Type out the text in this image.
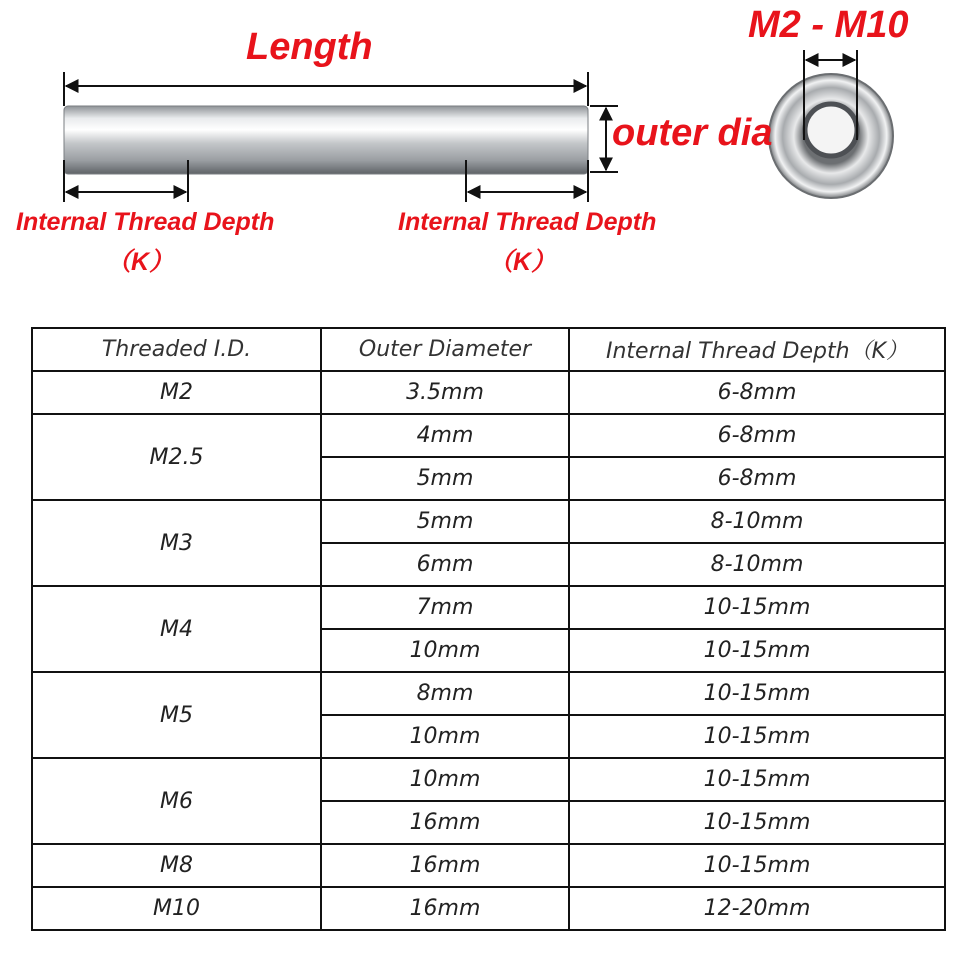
Length
outer dia
M2 - M10
Internal Thread Depth
（K）
Internal Thread Depth
（K）
Threaded I.D.	Outer Diameter	Internal Thread Depth（K）
M2	3.5mm	6-8mm
M2.5	4mm	6-8mm
	5mm	6-8mm
M3	5mm	8-10mm
	6mm	8-10mm
M4	7mm	10-15mm
	10mm	10-15mm
M5	8mm	10-15mm
	10mm	10-15mm
M6	10mm	10-15mm
	16mm	10-15mm
M8	16mm	10-15mm
M10	16mm	12-20mm
